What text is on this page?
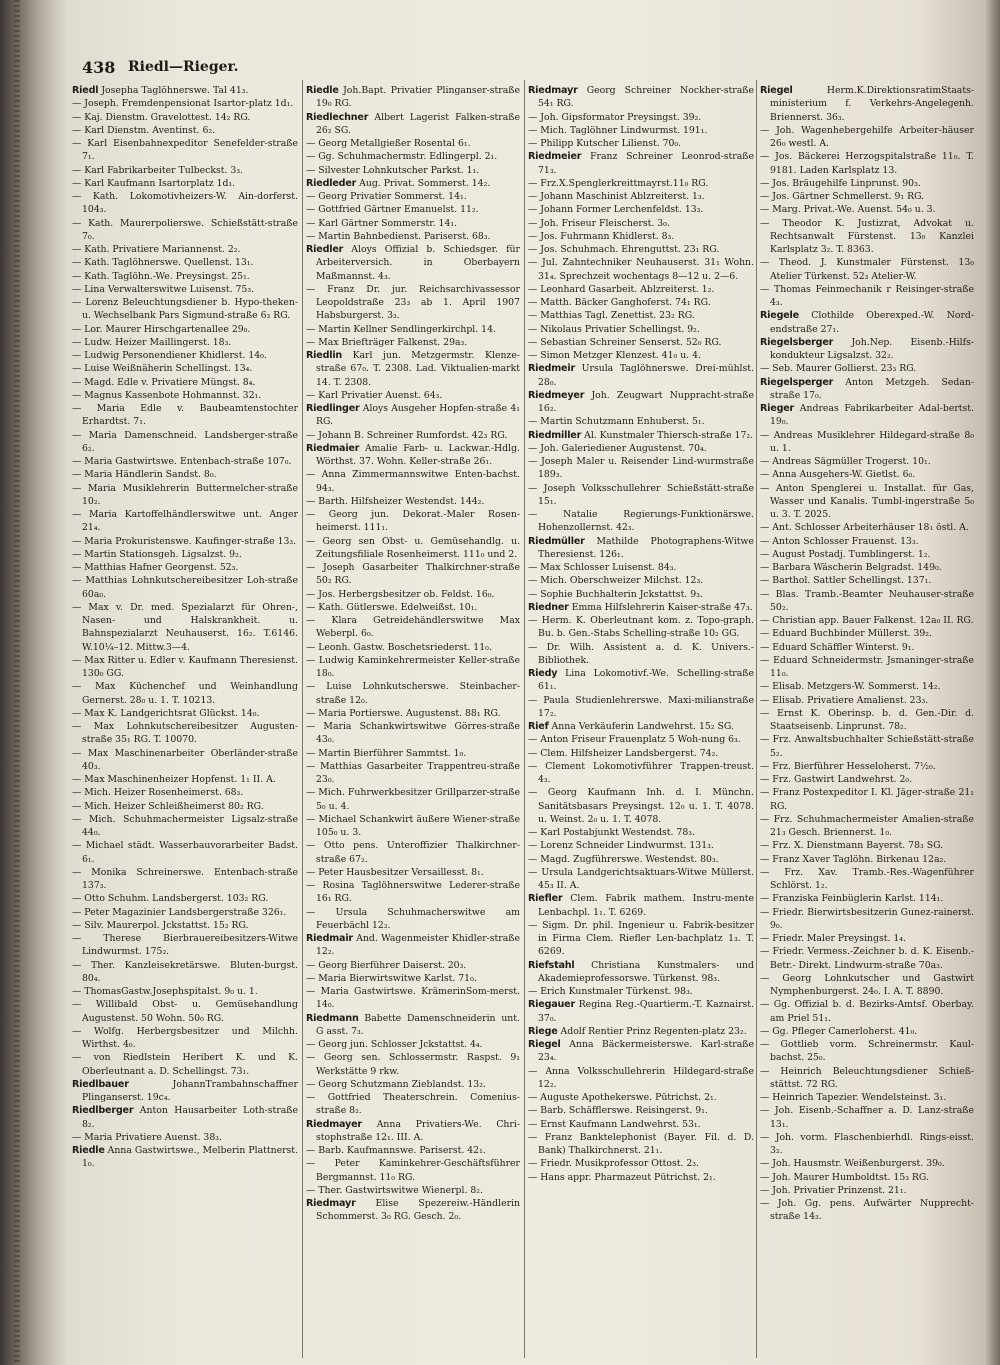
438 Riedl—Rieger.

Riedl Josepha Taglöhnerswe. Tal 41₃.

— Joseph. Fremdenpensionat Isartor-platz 1d₁.

— Kaj. Dienstm. Gravelottest. 14₂ RG.

— Karl Dienstm. Aventinst. 6₂.

— Karl Eisenbahnexpeditor Senefelder-straße 7₁.

— Karl Fabrikarbeiter Tulbeckst. 3₃.

— Karl Kaufmann Isartorplatz 1d₁.

— Kath. Lokomotivheizers-W. Ain-dorferst. 104₃.

— Kath. Maurerpolierswe. Schießstätt-straße 7₀.

— Kath. Privatiere Mariannenst. 2₂.

— Kath. Taglöhnerswe. Quellenst. 13₁.

— Kath. Taglöhn.-We. Preysingst. 25₁.

— Lina Verwalterswitwe Luisenst. 75₃.

— Lorenz Beleuchtungsdiener b. Hypo-theken- u. Wechselbank Pars Sigmund-straße 6₃ RG.

— Lor. Maurer Hirschgartenallee 29₀.

— Ludw. Heizer Maillingerst. 18₃.

— Ludwig Personendiener Khidlerst. 14₀.

— Luise Weißnäherin Schellingst. 13₄.

— Magd. Edle v. Privatiere Müngst. 8₄.

— Magnus Kassenbote Hohmannst. 32₁.

— Maria Edle v. Baubeamtenstochter Erhardtst. 7₁.

— Maria Damenschneid. Landsberger-straße 6₂.

— Maria Gastwirtswe. Entenbach-straße 107₀.

— Maria Händlerin Sandst. 8₀.

— Maria Musiklehrerin Buttermelcher-straße 10₂.

— Maria Kartoffelhändlerswitwe unt. Anger 21₄.

— Maria Prokuristenswe. Kaufinger-straße 13₃.

— Martin Stationsgeh. Ligsalzst. 9₂.

— Matthias Hafner Georgenst. 52₃.

— Matthias Lohnkutschereibesitzer Loh-straße 60a₀.

— Max v. Dr. med. Spezialarzt für Ohren-, Nasen- und Halskrankheit. u. Bahnspezialarzt Neuhauserst. 16₂. T.6146. W.10¼–12. Mittw.3—4.

— Max Ritter u. Edler v. Kaufmann Theresienst. 130₀ GG.

— Max Küchenchef und Weinhandlung Gernerst. 28₀ u. 1. T. 10213.

— Max K. Landgerichtsrat Glückst. 14₀.

— Max Lohnkutschereibesitzer Augusten-straße 35₁ RG. T. 10070.

— Max Maschinenarbeiter Oberländer-straße 40₃.

— Max Maschinenheizer Hopfenst. 1₁ II. A.

— Mich. Heizer Rosenheimerst. 68₃.

— Mich. Heizer Schleißheimerst 80₂ RG.

— Mich. Schuhmachermeister Ligsalz-straße 44₀.

— Michael städt. Wasserbauvorarbeiter Badst. 6₁.

— Monika Schreinerswe. Entenbach-straße 137₃.

— Otto Schuhm. Landsbergerst. 103₂ RG.

— Peter Magazinier Landsbergerstraße 326₁.

— Silv. Maurerpol. Jckstattst. 15₂ RG.

— Therese Bierbrauereibesitzers-Witwe Lindwurmst. 175₂.

— Ther. Kanzleisekretärswe. Bluten-burgst. 80₄.

— ThomasGastw.Josephspitalst. 9₀ u. 1.

— Willibald Obst- u. Gemüsehandlung Augustenst. 50 Wohn. 50₀ RG.

— Wolfg. Herbergsbesitzer und Milchh. Wirthst. 4₀.

— von Riedlstein Heribert K. und K. Oberleutnant a. D. Schellingst. 73₁.

Riedlbauer	JohannTrambahnschaffner Plinganserst. 19c₄.

Riedlberger Anton Hausarbeiter Loth-straße 8₂.

— Maria Privatiere Auenst. 38₃.

Riedle Anna Gastwirtswe., Melberin Plattnerst. 1₀.

Riedle Joh.Bapt. Privatier Plinganser-straße 19₀ RG.

Riedlechner Albert Lagerist Falken-straße 26₂ SG.

— Georg Metallgießer Rosental 6₁.

— Gg. Schuhmachermstr. Edlingerpl. 2₁.

— Silvester Lohnkutscher Parkst. 1₁.

Riedleder Aug. Privat. Sommerst. 14₂.

— Georg Privatier Sommerst. 14₁.

— Gottfried Gärtner Emanuelst. 11₂.

— Karl Gärtner Sommerstr. 14₁.

— Martin Bahnbedienst. Pariserst. 68₃.

Riedler Aloys Offizial b. Schiedsger. für Arbeiterversich. in Oberbayern Maßmannst. 4₃.

— Franz Dr. jur. Reichsarchivassessor Leopoldstraße 23₃ ab 1. April 1907 Habsburgerst. 3₃.

— Martin Kellner Sendlingerkirchpl. 14.

— Max Briefträger Falkenst. 29a₃.

Riedlin Karl jun. Metzgermstr. Klenze-straße 67₀. T. 2308. Lad. Viktualien-markt 14. T. 2308.

— Karl Privatier Auenst. 64₃.

Riedlinger Aloys Ausgeher Hopfen-straße 4₁ RG.

— Johann B. Schreiner Rumfordst. 42₃ RG.

Riedmaier Amalie Farb- u. Lackwar.-Hdlg. Wörthst. 37. Wohn. Keller-straße 26₁.

— Anna Zimmermannswitwe Enten-bachst. 94₃.

— Barth. Hilfsheizer Westendst. 144₂.

— Georg jun. Dekorat.-Maler Rosen-heimerst. 111₁.

— Georg sen Obst- u. Gemüsehandlg. u. Zeitungsfiliale Rosenheimerst. 111₀ und 2.

— Joseph Gasarbeiter Thalkirchner-straße 50₂ RG.

— Jos. Herbergsbesitzer ob. Feldst. 16₀.

— Kath. Gütlerswe. Edelweißst. 10₁.

— Klara Getreidehändlerswitwe Max Weberpl. 6₀.

— Leonh. Gastw. Boschetsriederst. 11₀.

— Ludwig Kaminkehrermeister Keller-straße 18₀.

— Luise Lohnkutscherswe. Steinbacher-straße 12₀.

— Maria Portierswe. Augustenst. 88₁ RG.

— Maria Schankwirtswitwe Görres-straße 43₀.

— Martin Bierführer Sammtst. 1₀.

— Matthias Gasarbeiter Trappentreu-straße 23₀.

— Mich. Fuhrwerkbesitzer Grillparzer-straße 5₀ u. 4.

— Michael Schankwirt äußere Wiener-straße 105₀ u. 3.

— Otto pens. Unteroffizier Thalkirchner-straße 67₂.

— Peter Hausbesitzer Versaillesst. 8₁.

— Rosina Taglöhnerswitwe Lederer-straße 16₁ RG.

— Ursula Schuhmacherswitwe am Feuerbächl 12₂.

Riedmair And. Wagenmeister Khidler-straße 12₂.

— Georg Bierführer Daiserst. 20₃.

— Maria Bierwirtswitwe Karlst. 71₀.

— Maria Gastwirtswe. KrämerinSom-merst. 14₀.

Riedmann Babette Damenschneiderin unt. G asst. 7₃.

— Georg jun. Schlosser Jckstattst. 4₄.

— Georg sen. Schlossermstr. Raspst. 9₁ Werkstätte 9 rkw.

— Georg Schutzmann Zieblandst. 13₂.

— Gottfried Theaterschrein. Comenius-straße 8₂.

Riedmayer Anna Privatiers-We. Chri-stophstraße 12₁. III. A.

— Barb. Kaufmannswe. Pariserst. 42₁.

— Peter Kaminkehrer-Geschäftsführer Bergmannst. 11₀ RG.

— Ther. Gastwirtswitwe Wienerpl. 8₂.

Riedmayr Elise Spezereiw.-Händlerin Schommerst. 3₀ RG. Gesch. 2₀.

Riedmayr Georg Schreiner Nockher-straße 54₁ RG.

— Joh. Gipsformator Preysingst. 39₂.

— Mich. Taglöhner Lindwurmst. 191₁.

— Philipp Kutscher Lilienst. 70₀.

Riedmeier Franz Schreiner Leonrod-straße 71₃.

— Frz.X.Spenglerkreittmayrst.11₀ RG.

— Johann Maschinist Ablzreiterst. 1₃.

— Johann Former Lerchenfeldst. 13₃.

— Joh. Friseur Fleischerst. 3₀.

— Jos. Fuhrmann Khidlerst. 8₃.

— Jos. Schuhmach. Ehrenguttst. 23₁ RG.

— Jul. Zahntechniker Neuhauserst. 31₁ Wohn. 31₄. Sprechzeit wochentags 8—12 u. 2—6.

— Leonhard Gasarbeit. Ablzreiterst. 1₂.

— Matth. Bäcker Ganghoferst. 74₁ RG.

— Matthias Tagl. Zenettist. 23₂ RG.

— Nikolaus Privatier Schellingst. 9₂.

— Sebastian Schreiner Senserst. 52₀ RG.

— Simon Metzger Klenzest. 41₀ u. 4.

Riedmeir Ursula Taglöhnerswe. Drei-mühlst. 28₀.

Riedmeyer Joh. Zeugwart Nuppracht-straße 16₂.

— Martin Schutzmann Enhuberst. 5₁.

Riedmiller Al. Kunstmaler Thiersch-straße 17₂.

— Joh. Galeriediener Augustenst. 70₄.

— Joseph Maler u. Reisender Lind-wurmstraße 189₃.

— Joseph Volksschullehrer Schießstätt-straße 15₁.

— Natalie Regierungs-Funktionärswe. Hohenzollernst. 42₃.

Riedmüller Mathilde Photographens-Witwe Theresienst. 126₁.

— Max Schlosser Luisenst. 84₃.

— Mich. Oberschweizer Milchst. 12₃.

— Sophie Buchhalterin Jckstattst. 9₃.

Riedner Emma Hilfslehrerin Kaiser-straße 47₃.

— Herm. K. Oberleutnant kom. z. Topo-graph. Bu. b. Gen.-Stabs Schelling-straße 10₂ GG.

— Dr. Wilh. Assistent a. d. K. Univers.-Bibliothek.

Riedy Lina Lokomotivf.-We. Schelling-straße 61₁.

— Paula Studienlehrerswe. Maxi-milianstraße 17₂.

Rief Anna Verkäuferin Landwehrst. 15₂ SG.

— Anton Friseur Frauenplatz 5 Woh-nung 6₃.

— Clem. Hilfsheizer Landsbergerst. 74₂.

— Clement Lokomotivführer Trappen-treust. 4₃.

— Georg Kaufmann Inh. d. I. Münchn. Sanitätsbasars Preysingst. 12₀ u. 1. T. 4078. u. Weinst. 2₀ u. 1. T. 4078.

— Karl Postabjunkt Westendst. 78₃.

— Lorenz Schneider Lindwurmst. 131₃.

— Magd. Zugführerswe. Westendst. 80₃.

— Ursula Landgerichtsaktuars-Witwe Müllerst. 45₃ II. A.

Riefler Clem. Fabrik mathem. Instru-mente Lenbachpl. 1₁. T. 6269.

— Sigm. Dr. phil. Ingenieur u. Fabrik-besitzer in Firma Clem. Riefler Len-bachplatz 1₃. T. 6269.

Riefstahl Christiana Kunstmalers- und Akademieprofessorswe. Türkenst. 98₃.

— Erich Kunstmaler Türkenst. 98₃.

Riegauer Regina Reg.-Quartierm.-T. Kaznairst. 37₀.

Riege Adolf Rentier Prinz Regenten-platz 23₂.

Riegel Anna Bäckermeisterswe. Karl-straße 23₄.

— Anna Volksschullehrerin Hildegard-straße 12₂.

— Auguste Apothekerswe. Pütrichst. 2₁.

— Barb. Schäfflerswe. Reisingerst. 9₁.

— Ernst Kaufmann Landwehrst. 53₁.

— Franz Banktelephonist (Bayer. Fil. d. D. Bank) Thalkirchnerst. 21₁.

— Friedr. Musikprofessor Ottost. 2₃.

— Hans appr. Pharmazeut Pütrichst. 2₁.

Riegel	Herm.K.DirektionsratimStaats-ministerium f. Verkehrs-Angelegenh. Briennerst. 36₃.

— Joh. Wagenhebergehilfe Arbeiter-häuser 26₀ westl. A.

— Jos. Bäckerei Herzogspitalstraße 11₀. T. 9181. Laden Karlsplatz 13.

— Jos. Bräugehilfe Linprunst. 90₃.

— Jos. Gärtner Schmellerst. 9₁ RG.

— Marg. Privat.-We. Auenst. 54₀ u. 3.

— Theodor K. Justizrat, Advokat u. Rechtsanwalt Fürstenst. 13₀ Kanzlei Karlsplatz 3₂. T. 8363.

— Theod. J. Kunstmaler Fürstenst. 13₀ Atelier Türkenst. 52₃ Atelier-W.

— Thomas Feinmechanik r Reisinger-straße 4₃.

Riegele Clothilde Oberexped.-W. Nord-endstraße 27₁.

Riegelsberger Joh.Nep. Eisenb.-Hilfs-kondukteur Ligsalzst. 32₂.

— Seb. Maurer Gollierst. 23₃ RG.

Riegelsperger Anton Metzgeh. Sedan-straße 17₀.

Rieger Andreas Fabrikarbeiter Adal-bertst. 19₀.

— Andreas Musiklehrer Hildegard-straße 8₀ u. 1.

— Andreas Sägmüller Trogerst. 10₁.

— Anna Ausgehers-W. Gietlst. 6₀.

— Anton Spenglerei u. Installat. für Gas, Wasser und Kanalis. Tumbl-ingerstraße 5₀ u. 3. T. 2025.

— Ant. Schlosser Arbeiterhäuser 18₁ östl. A.

— Anton Schlosser Frauenst. 13₃.

— August Postadj. Tumblingerst. 1₂.

— Barbara Wäscherin Belgradst. 149₀.

— Barthol. Sattler Schellingst. 137₁.

— Blas. Tramb.-Beamter Neuhauser-straße 50₂.

— Christian app. Bauer Falkenst. 12a₀ II. RG.

— Eduard Buchbinder Müllerst. 39₂.

— Eduard Schäffler Winterst. 9₁.

— Eduard Schneidermstr. Jsmaninger-straße 11₀.

— Elisab. Metzgers-W. Sommerst. 14₂.

— Elisab. Privatiere Amalienst. 23₃.

— Ernst K. Oberinsp. b. d. Gen.-Dir. d. Staatseisenb. Linprunst. 78₂.

— Frz. Anwaltsbuchhalter Schießstätt-straße 5₂.

— Frz. Bierführer Hesseloherst. 7½₀.

— Frz. Gastwirt Landwehrst. 2₀.

— Franz Postexpeditor I. Kl. Jäger-straße 21₁ RG.

— Frz. Schuhmachermeister Amalien-straße 21₃ Gesch. Briennerst. 1₀.

— Frz. X. Dienstmann Bayerst. 78₃ SG.

— Franz Xaver Taglöhn. Birkenau 12a₂.

— Frz. Xav. Tramb.-Res.-Wagenführer Schlörst. 1₂.

— Franziska Feinbüglerin Karlst. 114₁.

— Friedr. Bierwirtsbesitzerin Gunez-rainerst. 9₀.

— Friedr. Maler Preysingst. 1₄.

— Friedr. Vermess.-Zeichner b. d. K. Eisenb.- Betr.- Direkt. Lindwurm-straße 70a₃.

— Georg Lohnkutscher und Gastwirt Nymphenburgerst. 24₀. I. A. T. 8890.

— Gg. Offizial b. d. Bezirks-Amtsf. Oberbay. am Priel 51₁.

— Gg. Pfleger Camerloherst. 41₀.

— Gottlieb vorm. Schreinermstr. Kaul-bachst. 25₀.

— Heinrich Beleuchtungsdiener Schieß-stättst. 72 RG.

— Heinrich Tapezier. Wendelsteinst. 3₁.

— Joh. Eisenb.-Schaffner a. D. Lanz-straße 13₁.

— Joh. vorm. Flaschenbierhdl. Rings-eisst. 3₂.

— Joh. Hausmstr. Weißenburgerst. 39₀.

— Joh. Maurer Humboldtst. 15₃ RG.

— Joh. Privatier Prinzenst. 21₁.

— Joh. Gg. pens. Aufwärter Nupprecht-straße 14₃.
